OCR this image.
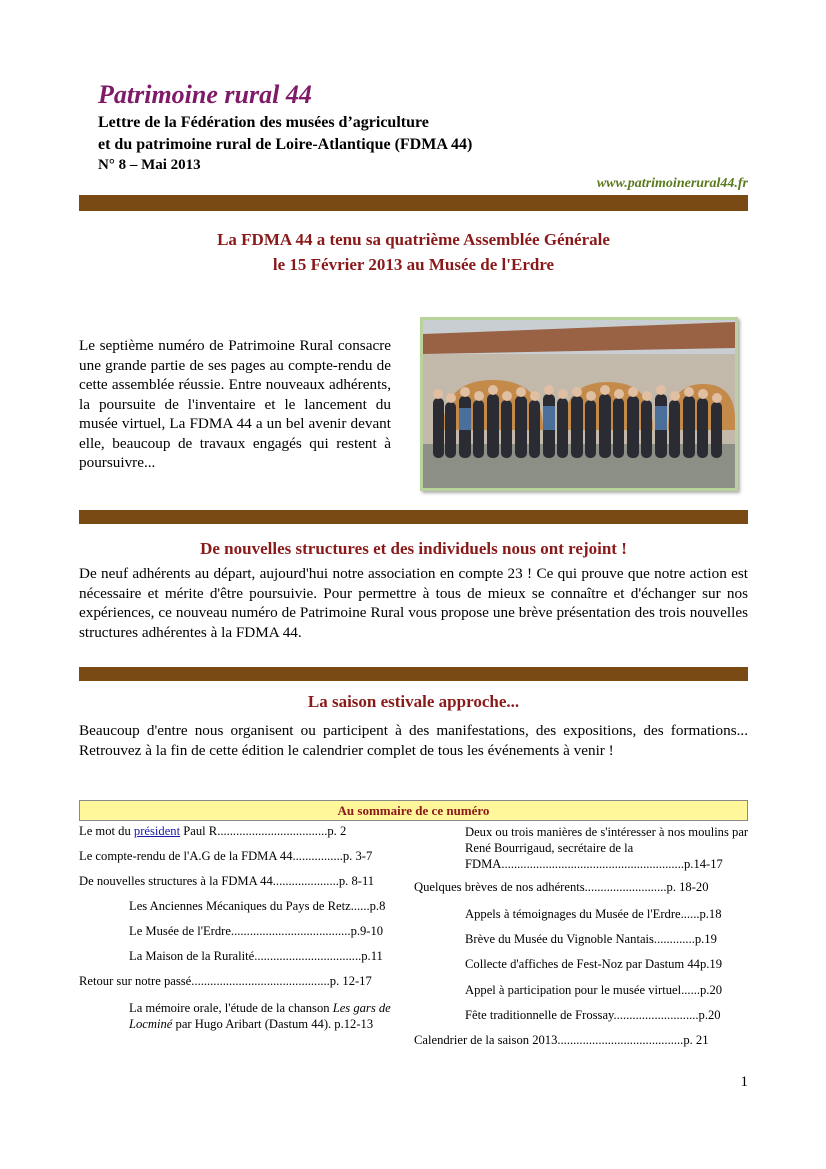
Patrimoine rural 44
Lettre de la Fédération des musées d’agriculture
et du patrimoine rural de Loire-Atlantique (FDMA 44)
N° 8 – Mai 2013
www.patrimoinerural44.fr
La FDMA 44 a tenu sa quatrième Assemblée Générale
le 15 Février 2013 au Musée de l'Erdre
Le septième numéro de Patrimoine Rural consacre une grande partie de ses pages au compte-rendu de cette assemblée réussie. Entre nouveaux adhérents, la poursuite de l'inventaire et le lancement du musée virtuel, La FDMA 44 a un bel avenir devant elle, beaucoup de travaux engagés qui restent à poursuivre...
De nouvelles structures et des individuels nous ont rejoint !
De neuf adhérents au départ, aujourd'hui notre association en compte 23 ! Ce qui prouve que notre action est nécessaire et mérite d'être poursuivie. Pour permettre à tous de mieux se connaître et d'échanger sur nos expériences, ce nouveau numéro de Patrimoine Rural vous propose une brève présentation des trois nouvelles structures adhérentes à la FDMA 44.
La saison estivale approche...
Beaucoup d'entre nous organisent ou participent à des manifestations, des expositions, des formations... Retrouvez à la fin de cette édition le calendrier complet de tous les événements à venir !
Au sommaire de ce numéro
Le mot du président Paul R...................................p. 2
Le compte-rendu de l'A.G de la FDMA 44................p. 3-7
De nouvelles structures à la FDMA 44.....................p. 8-11
Les Anciennes Mécaniques du Pays de Retz......p.8
Le Musée de l'Erdre......................................p.9-10
La Maison de la Ruralité..................................p.11
Retour sur notre passé............................................p. 12-17
La mémoire orale, l'étude de la chanson Les gars de Locminé par Hugo Aribart (Dastum 44). p.12-13
Deux ou trois manières de s'intéresser à nos moulins par René Bourrigaud, secrétaire de la FDMA..........................................................p.14-17
Quelques brèves de nos adhérents..........................p. 18-20
Appels à témoignages du Musée de l'Erdre......p.18
Brève du Musée du Vignoble Nantais.............p.19
Collecte d'affiches de Fest-Noz par Dastum 44p.19
Appel à participation pour le musée virtuel......p.20
Fête traditionnelle de Frossay...........................p.20
Calendrier de la saison 2013........................................p. 21
1
